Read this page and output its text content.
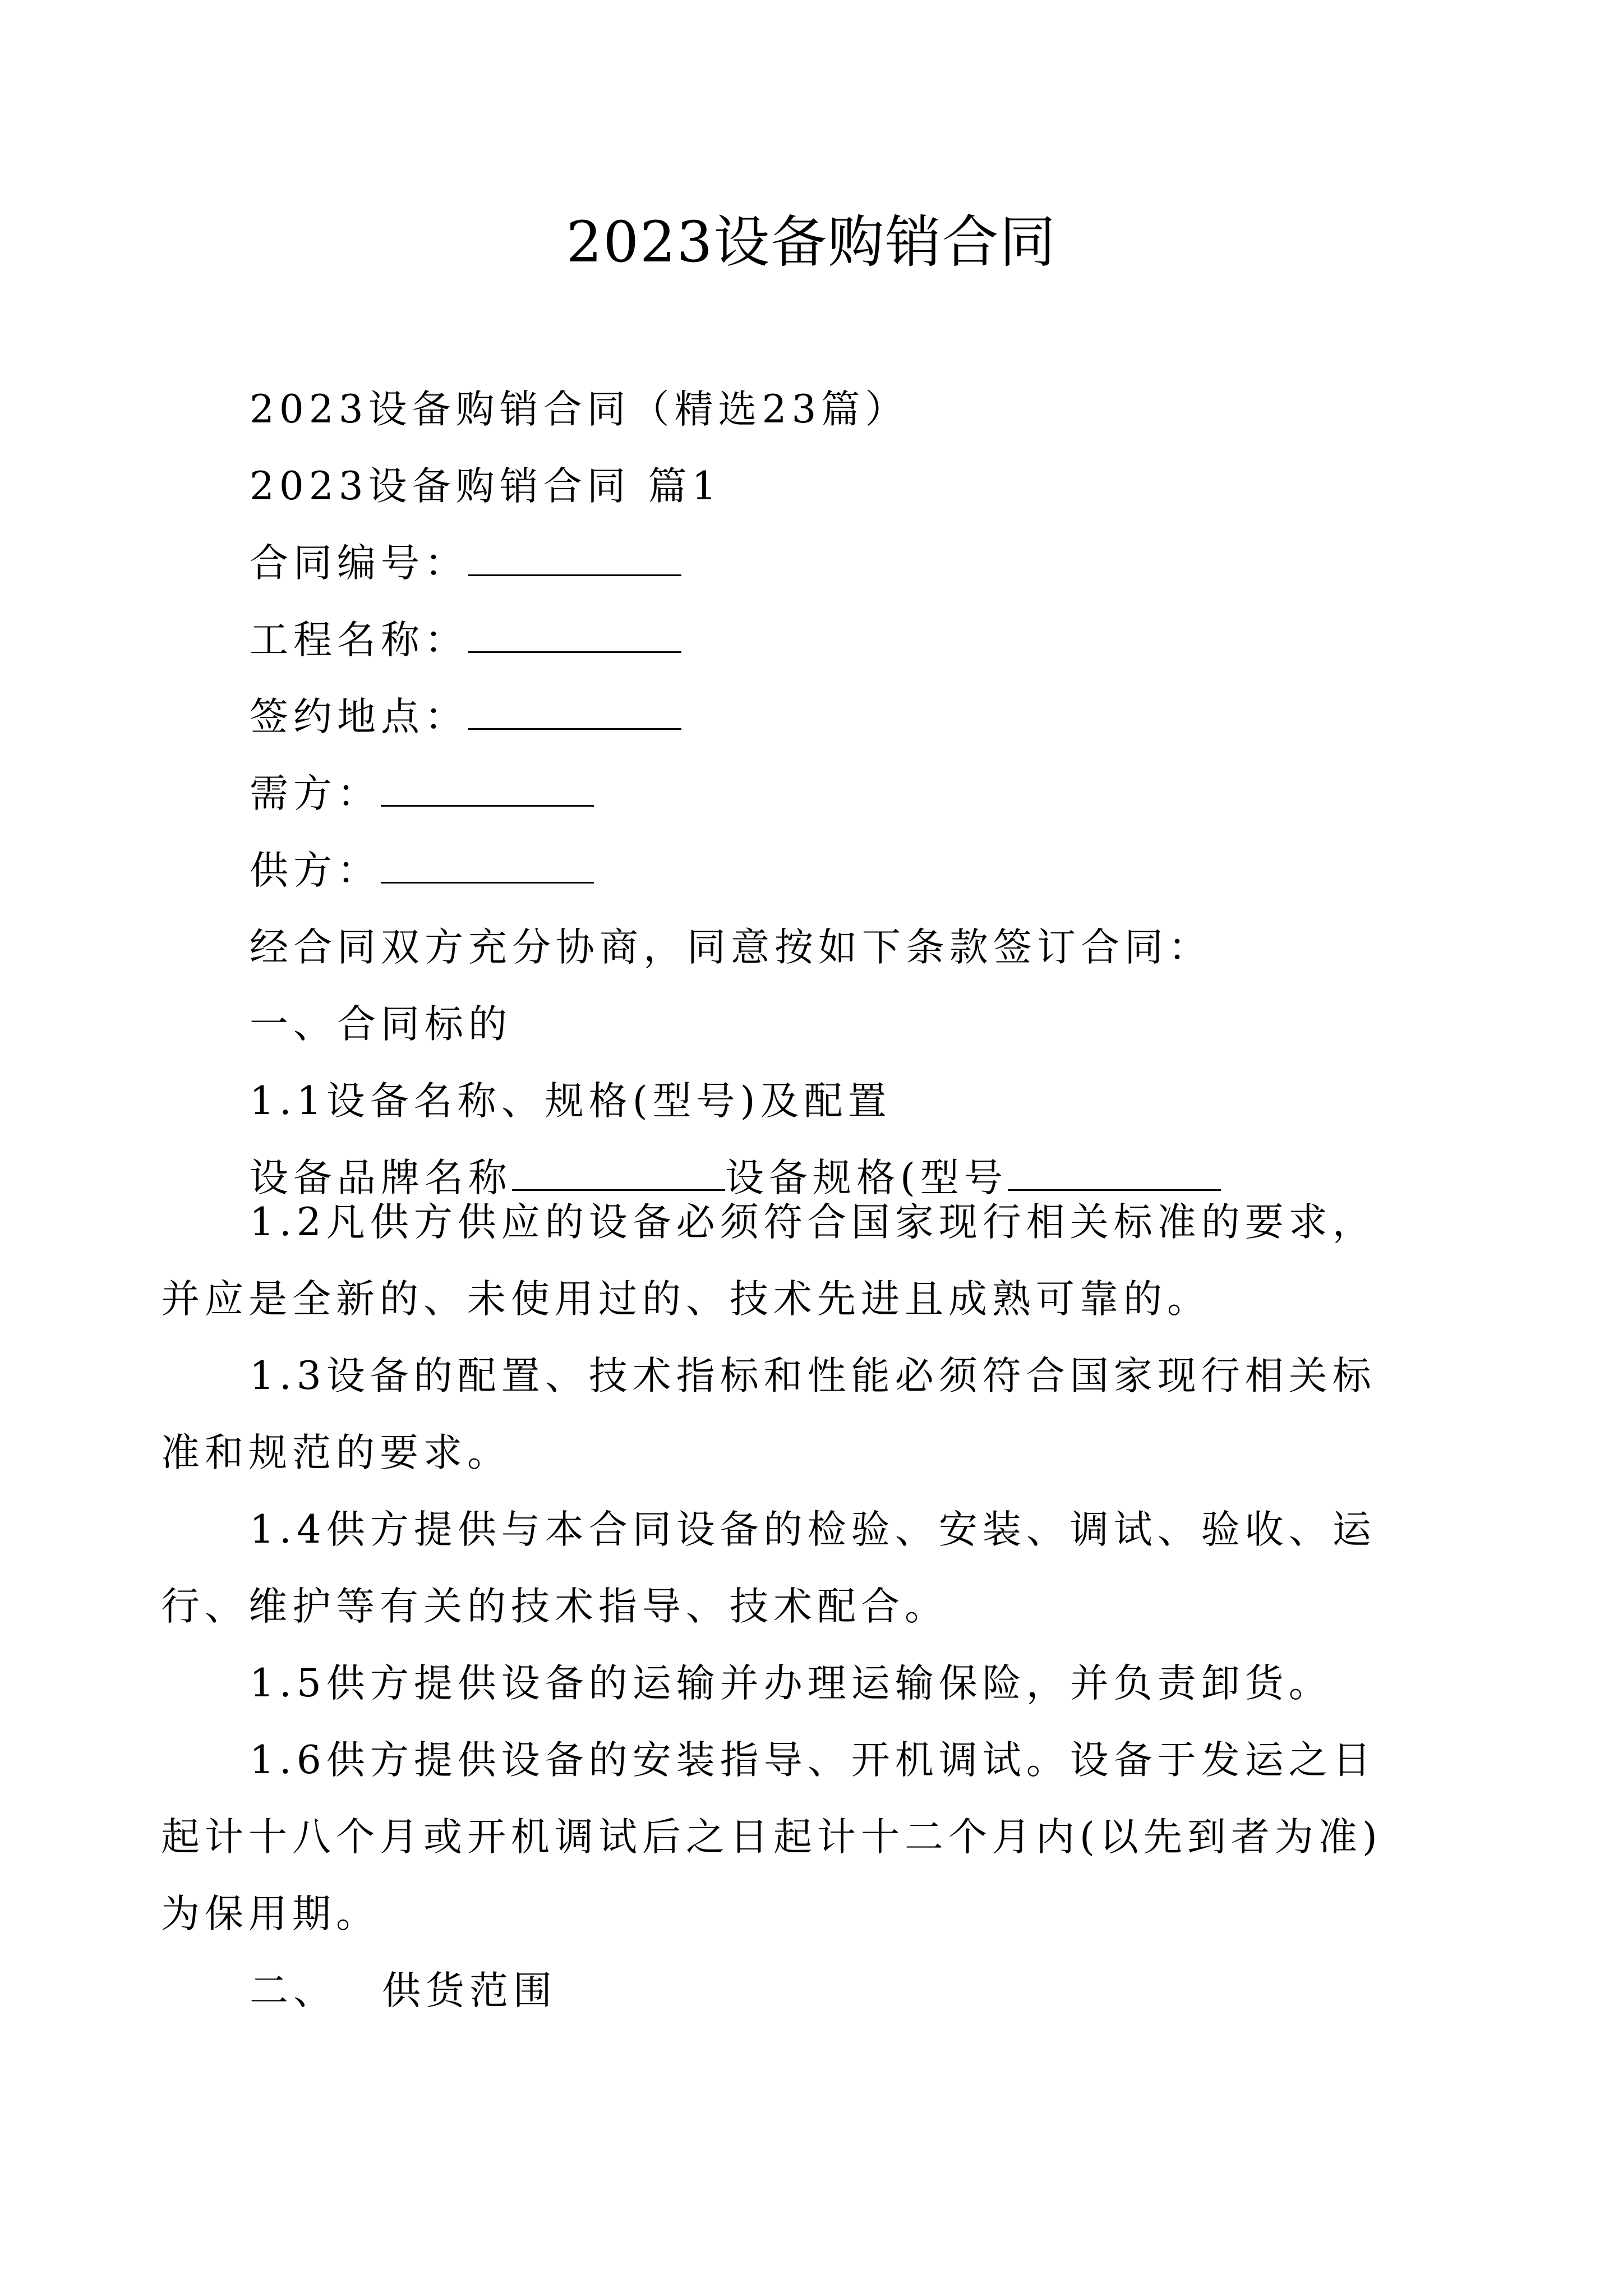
2023设备购销合同

2023设备购销合同（精选23篇）

2023设备购销合同 篇1

合同编号：

工程名称：

签约地点：

需方：

供方：

经合同双方充分协商，同意按如下条款签订合同：

一、合同标的

1.1设备名称、规格(型号)及配置

设备品牌名称	设备规格(型号

1.2凡供方供应的设备必须符合国家现行相关标准的要求，并应是全新的、未使用过的、技术先进且成熟可靠的。

1.3设备的配置、技术指标和性能必须符合国家现行相关标准和规范的要求。

1.4供方提供与本合同设备的检验、安装、调试、验收、运行、维护等有关的技术指导、技术配合。

1.5供方提供设备的运输并办理运输保险，并负责卸货。

1.6供方提供设备的安装指导、开机调试。设备于发运之日起计十八个月或开机调试后之日起计十二个月内(以先到者为准)为保用期。

二、 供货范围
